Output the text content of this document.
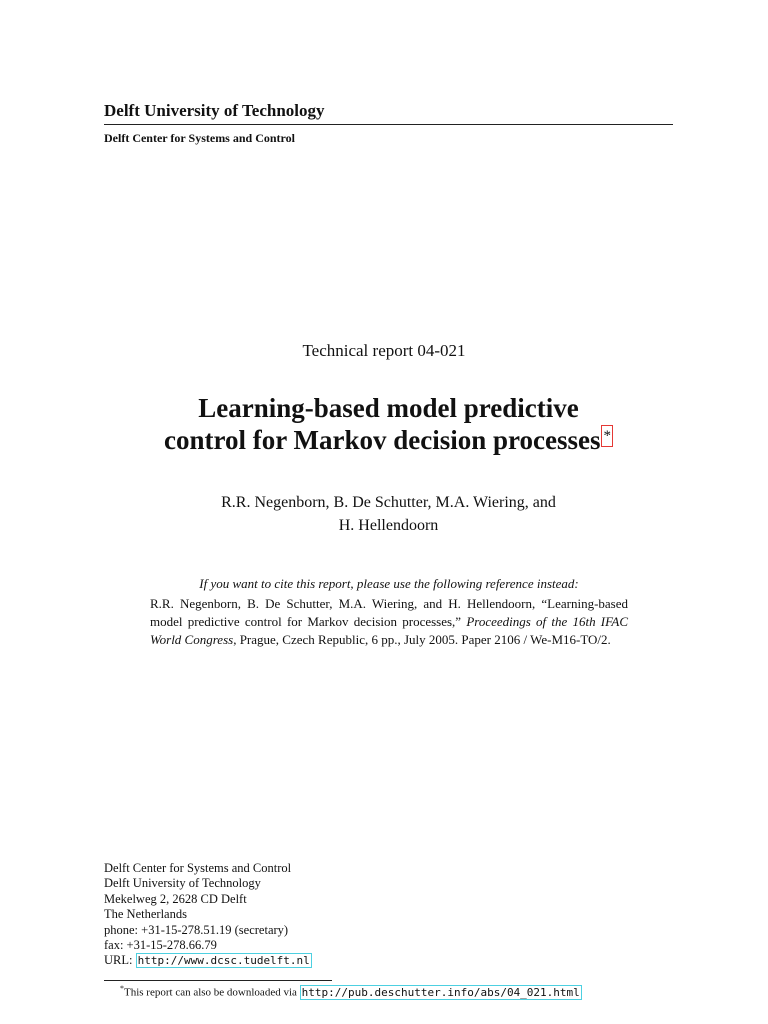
Delft University of Technology
Delft Center for Systems and Control
Technical report 04-021
Learning-based model predictive
control for Markov decision processes *
R.R. Negenborn, B. De Schutter, M.A. Wiering, and
H. Hellendoorn
If you want to cite this report, please use the following reference instead:
R.R. Negenborn, B. De Schutter, M.A. Wiering, and H. Hellendoorn, “Learning-based model predictive control for Markov decision processes,” Proceedings of the 16th IFAC World Congress, Prague, Czech Republic, 6 pp., July 2005. Paper 2106 / We-M16-TO/2.
Delft Center for Systems and Control
Delft University of Technology
Mekelweg 2, 2628 CD Delft
The Netherlands
phone: +31-15-278.51.19 (secretary)
fax: +31-15-278.66.79
URL: http://www.dcsc.tudelft.nl
*This report can also be downloaded via http://pub.deschutter.info/abs/04_021.html
